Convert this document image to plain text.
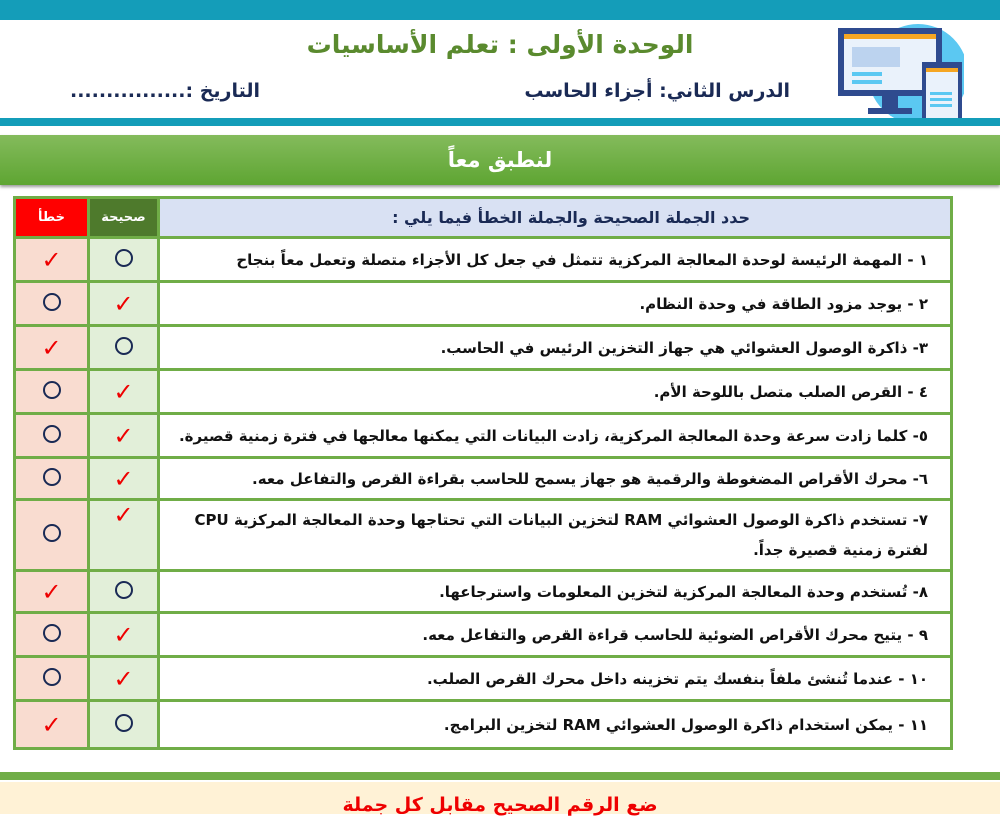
الوحدة الأولى : تعلم الأساسيات
الدرس الثاني: أجزاء الحاسب
التاريخ :................
لنطبق معاً
حدد الجملة الصحيحة والجملة الخطأ فيما يلي :	صحيحة	خطأ
١ - المهمة الرئيسة لوحدة المعالجة المركزية تتمثل في جعل كل الأجزاء متصلة وتعمل معاً بنجاح		✓
٢ - يوجد مزود الطاقة في وحدة النظام.	✓	
٣- ذاكرة الوصول العشوائي هي جهاز التخزين الرئيس في الحاسب.		✓
٤ - القرص الصلب متصل باللوحة الأم.	✓	
٥- كلما زادت سرعة وحدة المعالجة المركزية، زادت البيانات التي يمكنها معالجها في فترة زمنية قصيرة.	✓	
٦- محرك الأقراص المضغوطة والرقمية هو جهاز يسمح للحاسب بقراءة القرص والتفاعل معه.	✓	
٧- تستخدم ذاكرة الوصول العشوائي RAM لتخزين البيانات التي تحتاجها وحدة المعالجة المركزية CPU لفترة زمنية قصيرة جداً.	✓	
٨- تُستخدم وحدة المعالجة المركزية لتخزين المعلومات واسترجاعها.		✓
٩ - يتيح محرك الأقراص الضوئية للحاسب قراءة القرص والتفاعل معه.	✓	
١٠ - عندما تُنشئ ملفاً بنفسك يتم تخزينه داخل محرك القرص الصلب.	✓	
١١ - يمكن استخدام ذاكرة الوصول العشوائي RAM لتخزين البرامج.		✓
ضع الرقم الصحيح مقابل كل جملة
